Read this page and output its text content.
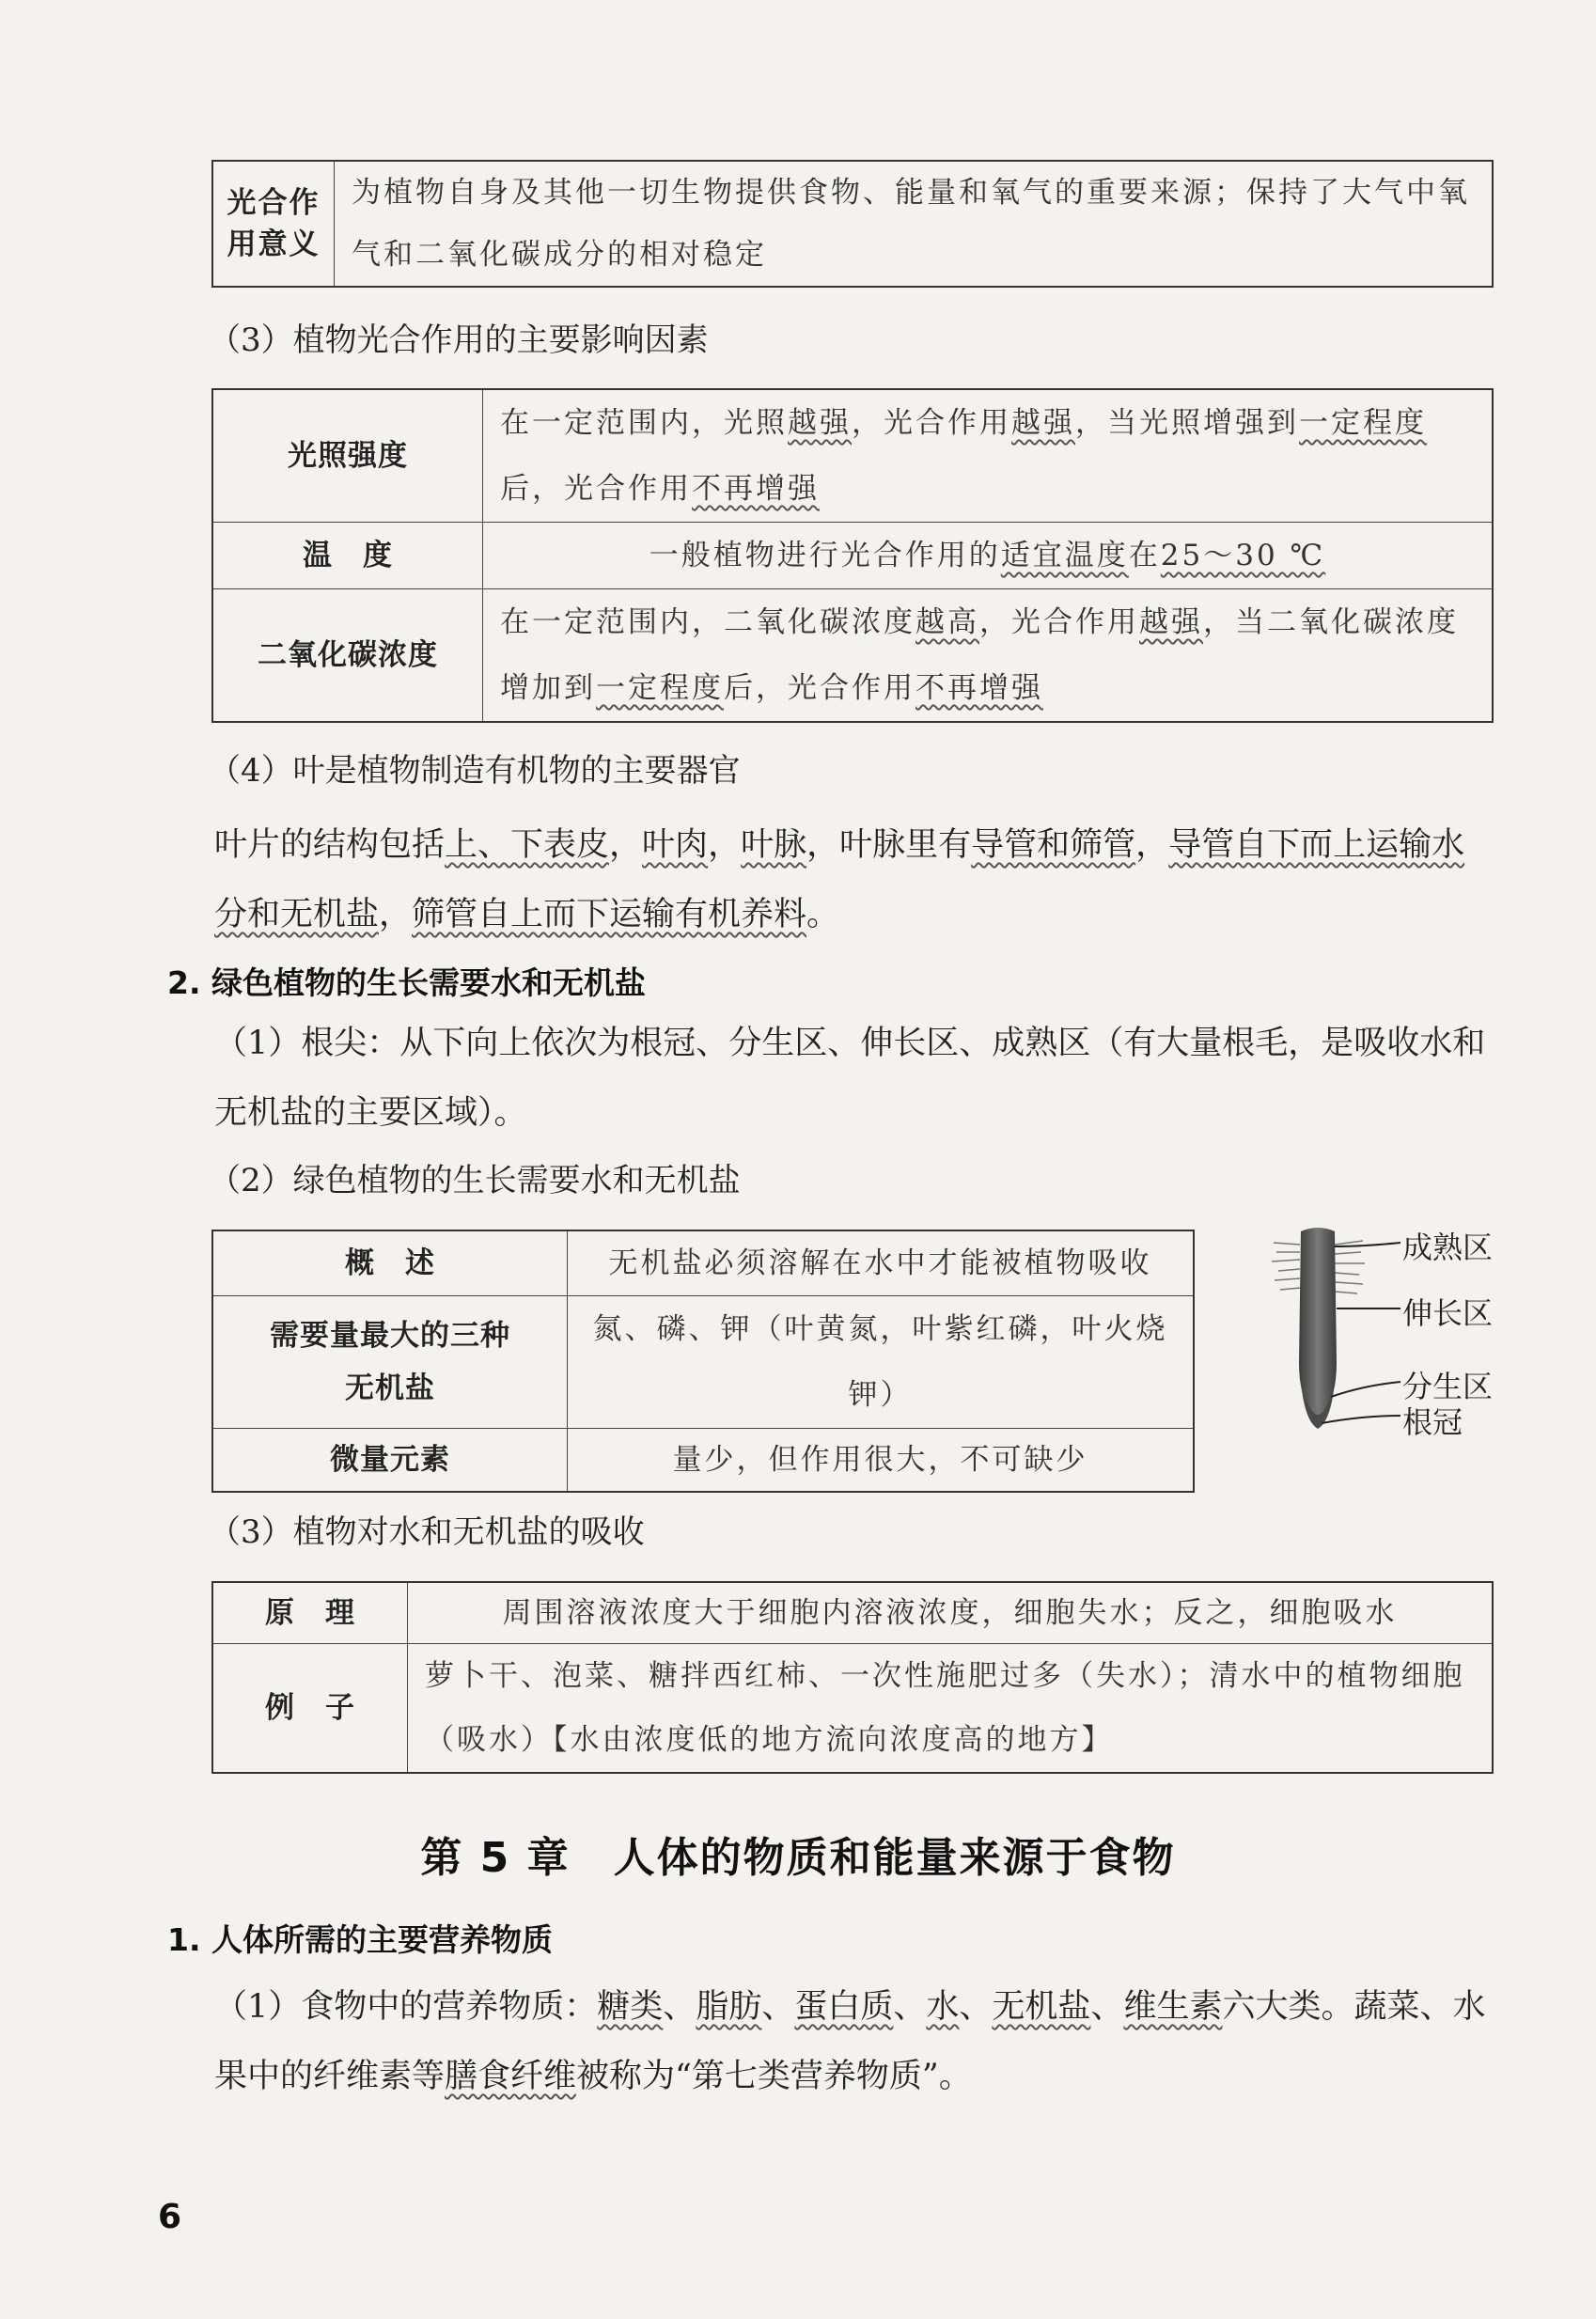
光合作用意义	为植物自身及其他一切生物提供食物、能量和氧气的重要来源；保持了大气中氧气和二氧化碳成分的相对稳定
（3）植物光合作用的主要影响因素
光照强度	在一定范围内，光照越强，光合作用越强，当光照增强到一定程度后，光合作用不再增强
温　度	一般植物进行光合作用的适宜温度在25～30 ℃
二氧化碳浓度	在一定范围内，二氧化碳浓度越高，光合作用越强，当二氧化碳浓度增加到一定程度后，光合作用不再增强
（4）叶是植物制造有机物的主要器官
叶片的结构包括上、下表皮，叶肉，叶脉，叶脉里有导管和筛管，导管自下而上运输水分和无机盐，筛管自上而下运输有机养料。
2. 绿色植物的生长需要水和无机盐
（1）根尖：从下向上依次为根冠、分生区、伸长区、成熟区（有大量根毛，是吸收水和无机盐的主要区域）。
（2）绿色植物的生长需要水和无机盐
概　述	无机盐必须溶解在水中才能被植物吸收
需要量最大的三种无机盐	氮、磷、钾（叶黄氮，叶紫红磷，叶火烧钾）
微量元素	量少，但作用很大，不可缺少
成熟区
伸长区
分生区
根冠
（3）植物对水和无机盐的吸收
原　理	周围溶液浓度大于细胞内溶液浓度，细胞失水；反之，细胞吸水
例　子	萝卜干、泡菜、糖拌西红柿、一次性施肥过多（失水）；清水中的植物细胞（吸水）【水由浓度低的地方流向浓度高的地方】
第 5 章　人体的物质和能量来源于食物
1. 人体所需的主要营养物质
（1）食物中的营养物质：糖类、脂肪、蛋白质、水、无机盐、维生素六大类。蔬菜、水果中的纤维素等膳食纤维被称为“第七类营养物质”。
6
